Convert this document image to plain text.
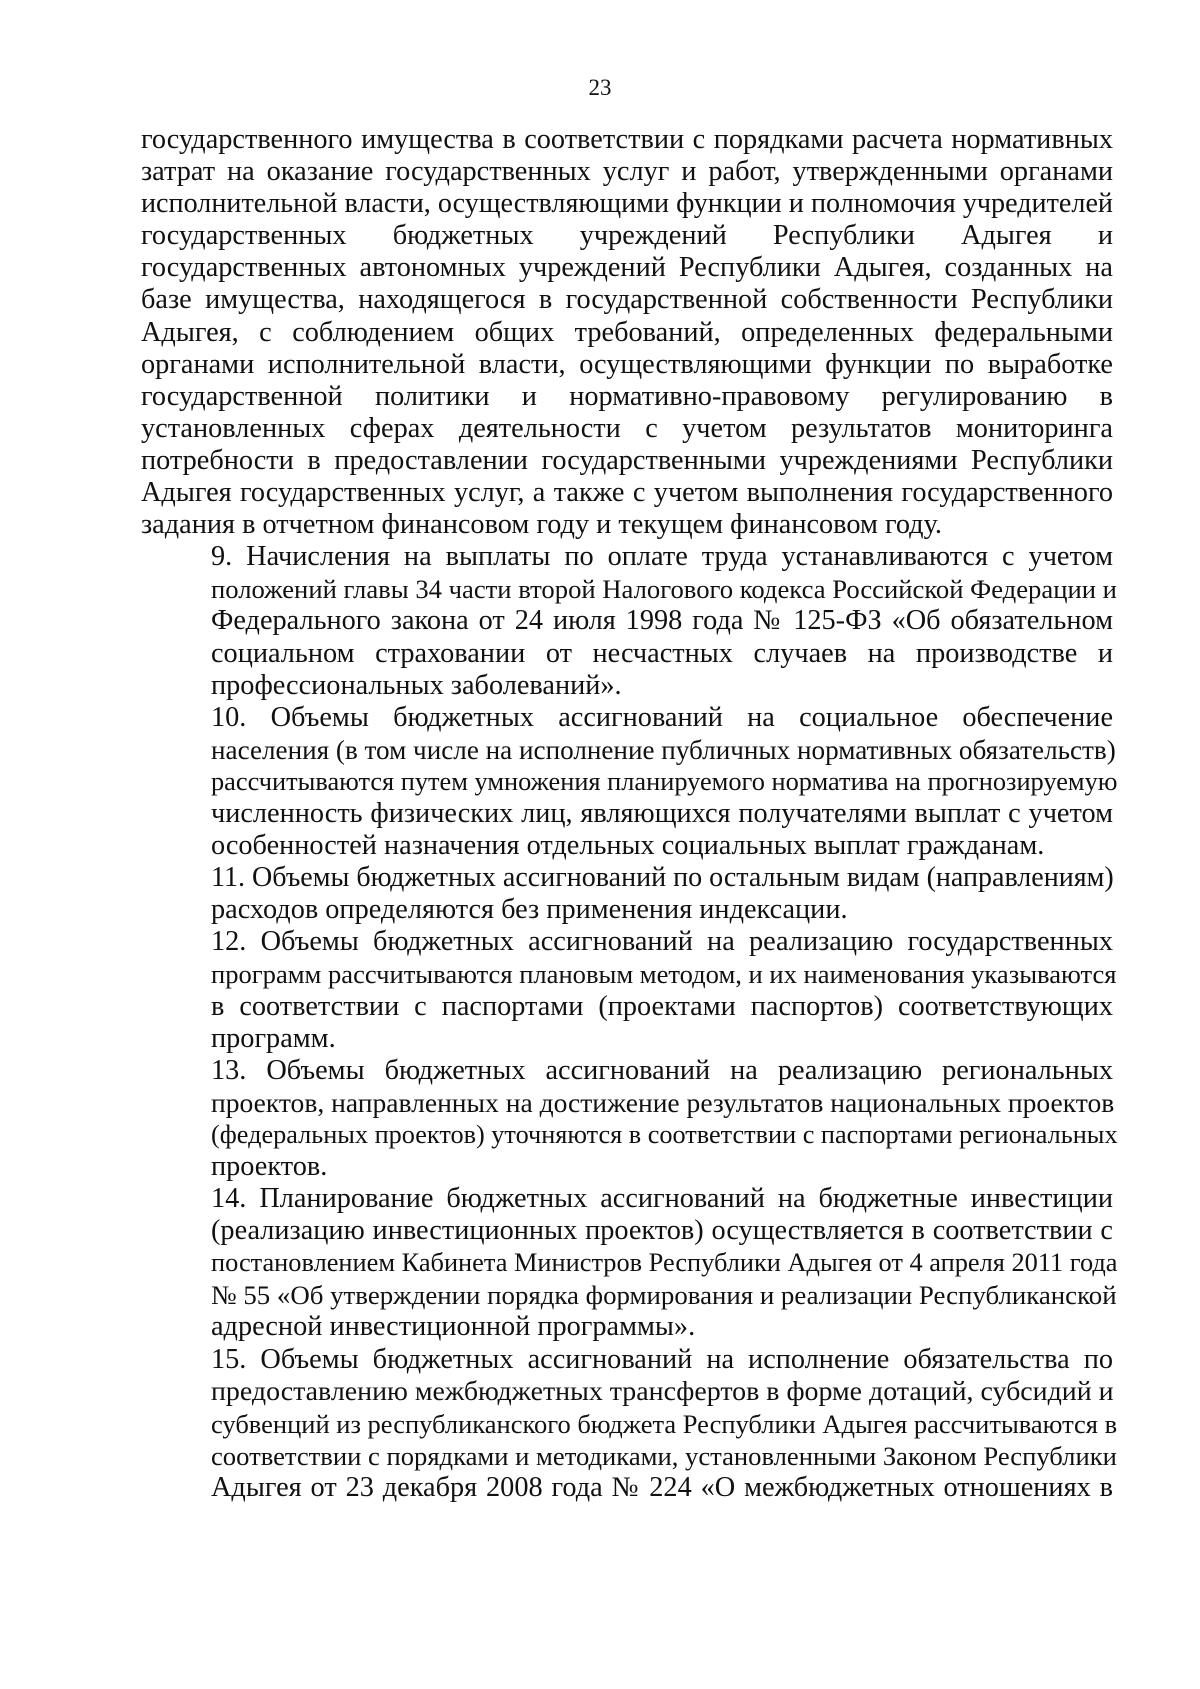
23
государственного имущества в соответствии с порядками расчета нормативных
затрат на оказание государственных услуг и работ, утвержденными органами
исполнительной власти, осуществляющими функции и полномочия учредителей
государственных бюджетных учреждений Республики Адыгея и
государственных автономных учреждений Республики Адыгея, созданных на
базе имущества, находящегося в государственной собственности Республики
Адыгея, с соблюдением общих требований, определенных федеральными
органами исполнительной власти, осуществляющими функции по выработке
государственной политики и нормативно-правовому регулированию в
установленных сферах деятельности с учетом результатов мониторинга
потребности в предоставлении государственными учреждениями Республики
Адыгея государственных услуг, а также с учетом выполнения государственного
задания в отчетном финансовом году и текущем финансовом году.
9. Начисления на выплаты по оплате труда устанавливаются с учетом
положений главы 34 части второй Налогового кодекса Российской Федерации и
Федерального закона от 24 июля 1998 года № 125-ФЗ «Об обязательном
социальном страховании от несчастных случаев на производстве и
профессиональных заболеваний».
10. Объемы бюджетных ассигнований на социальное обеспечение
населения (в том числе на исполнение публичных нормативных обязательств)
рассчитываются путем умножения планируемого норматива на прогнозируемую
численность физических лиц, являющихся получателями выплат с учетом
особенностей назначения отдельных социальных выплат гражданам.
11. Объемы бюджетных ассигнований по остальным видам (направлениям)
расходов определяются без применения индексации.
12. Объемы бюджетных ассигнований на реализацию государственных
программ рассчитываются плановым методом, и их наименования указываются
в соответствии с паспортами (проектами паспортов) соответствующих
программ.
13. Объемы бюджетных ассигнований на реализацию региональных
проектов, направленных на достижение результатов национальных проектов
(федеральных проектов) уточняются в соответствии с паспортами региональных
проектов.
14. Планирование бюджетных ассигнований на бюджетные инвестиции
(реализацию инвестиционных проектов) осуществляется в соответствии с
постановлением Кабинета Министров Республики Адыгея от 4 апреля 2011 года
№ 55 «Об утверждении порядка формирования и реализации Республиканской
адресной инвестиционной программы».
15. Объемы бюджетных ассигнований на исполнение обязательства по
предоставлению межбюджетных трансфертов в форме дотаций, субсидий и
субвенций из республиканского бюджета Республики Адыгея рассчитываются в
соответствии с порядками и методиками, установленными Законом Республики
Адыгея от 23 декабря 2008 года № 224 «О межбюджетных отношениях в
